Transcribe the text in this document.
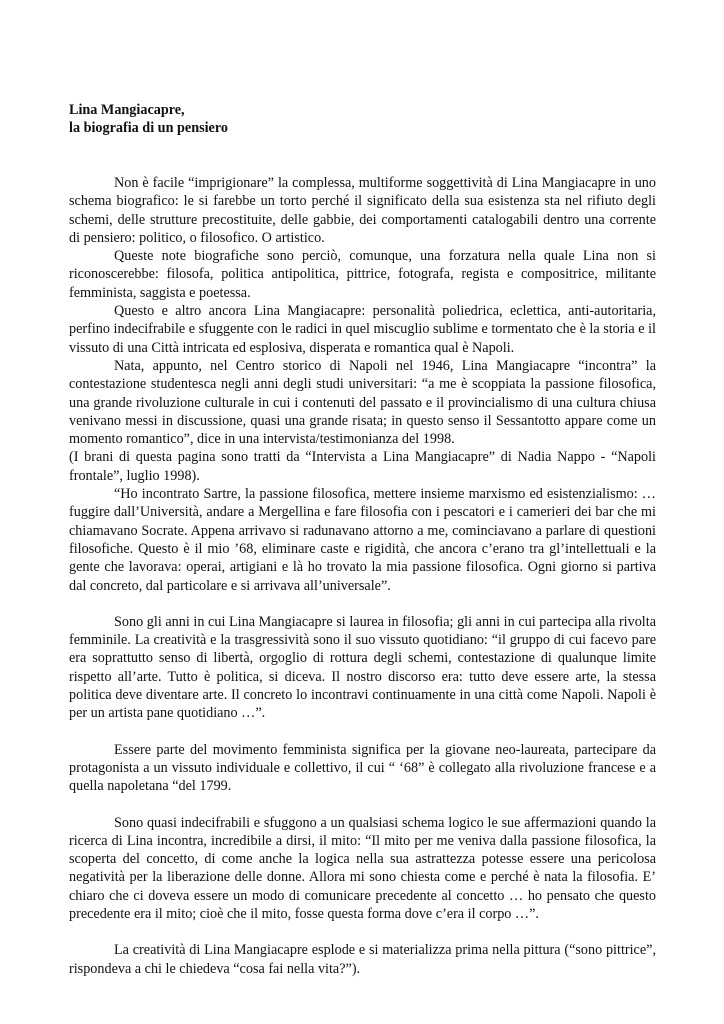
Lina Mangiacapre,
la biografia di un pensiero

Non è facile “imprigionare” la complessa, multiforme soggettività di Lina Mangiacapre in uno schema biografico: le si farebbe un torto perché il significato della sua esistenza sta nel rifiuto degli schemi, delle strutture precostituite, delle gabbie, dei comportamenti catalogabili dentro una corrente di pensiero: politico, o filosofico. O artistico.

Queste note biografiche sono perciò, comunque, una forzatura nella quale Lina non si riconoscerebbe: filosofa, politica antipolitica, pittrice, fotografa, regista e compositrice, militante femminista, saggista e poetessa.

Questo e altro ancora Lina Mangiacapre: personalità poliedrica, eclettica, anti-autoritaria, perfino indecifrabile e sfuggente con le radici in quel miscuglio sublime e tormentato che è la storia e il vissuto di una Città intricata ed esplosiva, disperata e romantica qual è Napoli.

Nata, appunto, nel Centro storico di Napoli nel 1946, Lina Mangiacapre “incontra” la contestazione studentesca negli anni degli studi universitari: “a me è scoppiata la passione filosofica, una grande rivoluzione culturale in cui i contenuti del passato e il provincialismo di una cultura chiusa venivano messi in discussione, quasi una grande risata; in questo senso il Sessantotto appare come un momento romantico”, dice in una intervista/testimonianza del 1998.

(I brani di questa pagina sono tratti da “Intervista a Lina Mangiacapre” di Nadia Nappo - “Napoli frontale”, luglio 1998).

“Ho incontrato Sartre, la passione filosofica, mettere insieme marxismo ed esistenzialismo: … fuggire dall’Università, andare a Mergellina e fare filosofia con i pescatori e i camerieri dei bar che mi chiamavano Socrate. Appena arrivavo si radunavano attorno a me, cominciavano a parlare di questioni filosofiche. Questo è il mio ’68, eliminare caste e rigidità, che ancora c’erano tra gl’intellettuali e la gente che lavorava: operai, artigiani e là ho trovato la mia passione filosofica. Ogni giorno si partiva dal concreto, dal particolare e si arrivava all’universale”.

Sono gli anni in cui Lina Mangiacapre si laurea in filosofia; gli anni in cui partecipa alla rivolta femminile. La creatività e la trasgressività sono il suo vissuto quotidiano: “il gruppo di cui facevo pare era soprattutto senso di libertà, orgoglio di rottura degli schemi, contestazione di qualunque limite rispetto all’arte. Tutto è politica, si diceva. Il nostro discorso era: tutto deve essere arte, la stessa politica deve diventare arte. Il concreto lo incontravi continuamente in una città come Napoli. Napoli è per un artista pane quotidiano …”.

Essere parte del movimento femminista significa per la giovane neo-laureata, partecipare da protagonista a un vissuto individuale e collettivo, il cui “ ‘68” è collegato alla rivoluzione francese e a quella napoletana “del 1799.

Sono quasi indecifrabili e sfuggono a un qualsiasi schema logico le sue affermazioni quando la ricerca di Lina incontra, incredibile a dirsi, il mito: “Il mito per me veniva dalla passione filosofica, la scoperta del concetto, di come anche la logica nella sua astrattezza potesse essere una pericolosa negatività per la liberazione delle donne. Allora mi sono chiesta come e perché è nata la filosofia. E’ chiaro che ci doveva essere un modo di comunicare precedente al concetto … ho pensato che questo precedente era il mito; cioè che il mito, fosse questa forma dove c’era il corpo …”.

La creatività di Lina Mangiacapre esplode e si materializza prima nella pittura (“sono pittrice”, rispondeva a chi le chiedeva “cosa fai nella vita?”).
